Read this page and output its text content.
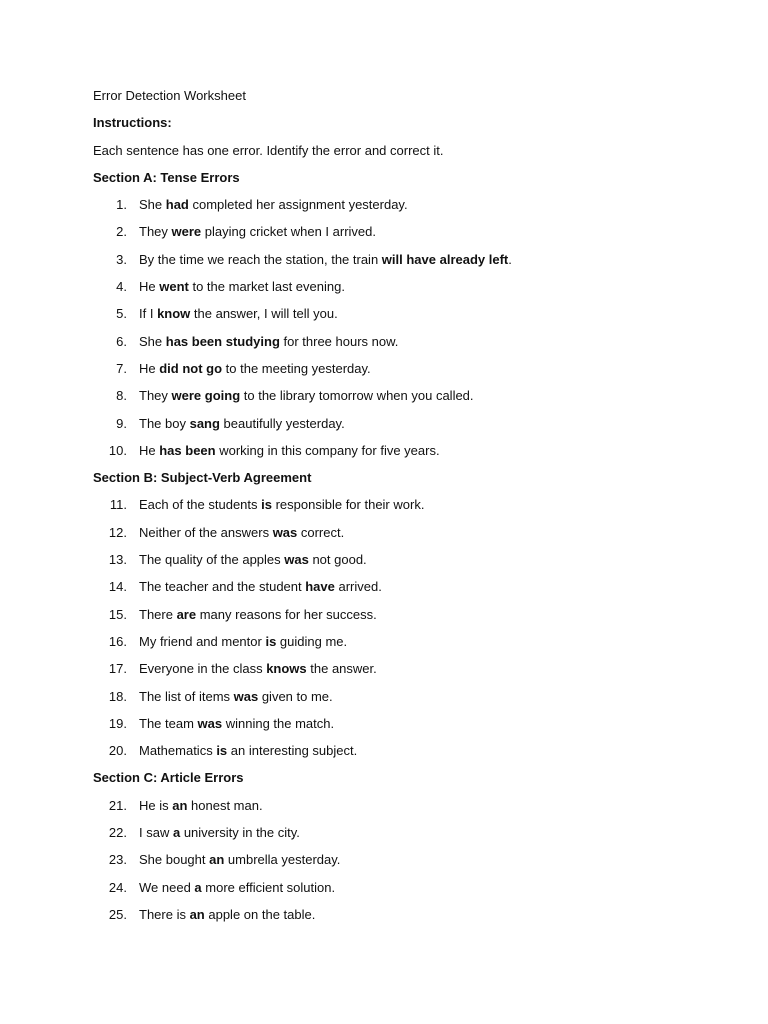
Error Detection Worksheet
Instructions:
Each sentence has one error. Identify the error and correct it.
Section A: Tense Errors
1. She had completed her assignment yesterday.
2. They were playing cricket when I arrived.
3. By the time we reach the station, the train will have already left.
4. He went to the market last evening.
5. If I know the answer, I will tell you.
6. She has been studying for three hours now.
7. He did not go to the meeting yesterday.
8. They were going to the library tomorrow when you called.
9. The boy sang beautifully yesterday.
10. He has been working in this company for five years.
Section B: Subject-Verb Agreement
11. Each of the students is responsible for their work.
12. Neither of the answers was correct.
13. The quality of the apples was not good.
14. The teacher and the student have arrived.
15. There are many reasons for her success.
16. My friend and mentor is guiding me.
17. Everyone in the class knows the answer.
18. The list of items was given to me.
19. The team was winning the match.
20. Mathematics is an interesting subject.
Section C: Article Errors
21. He is an honest man.
22. I saw a university in the city.
23. She bought an umbrella yesterday.
24. We need a more efficient solution.
25. There is an apple on the table.
